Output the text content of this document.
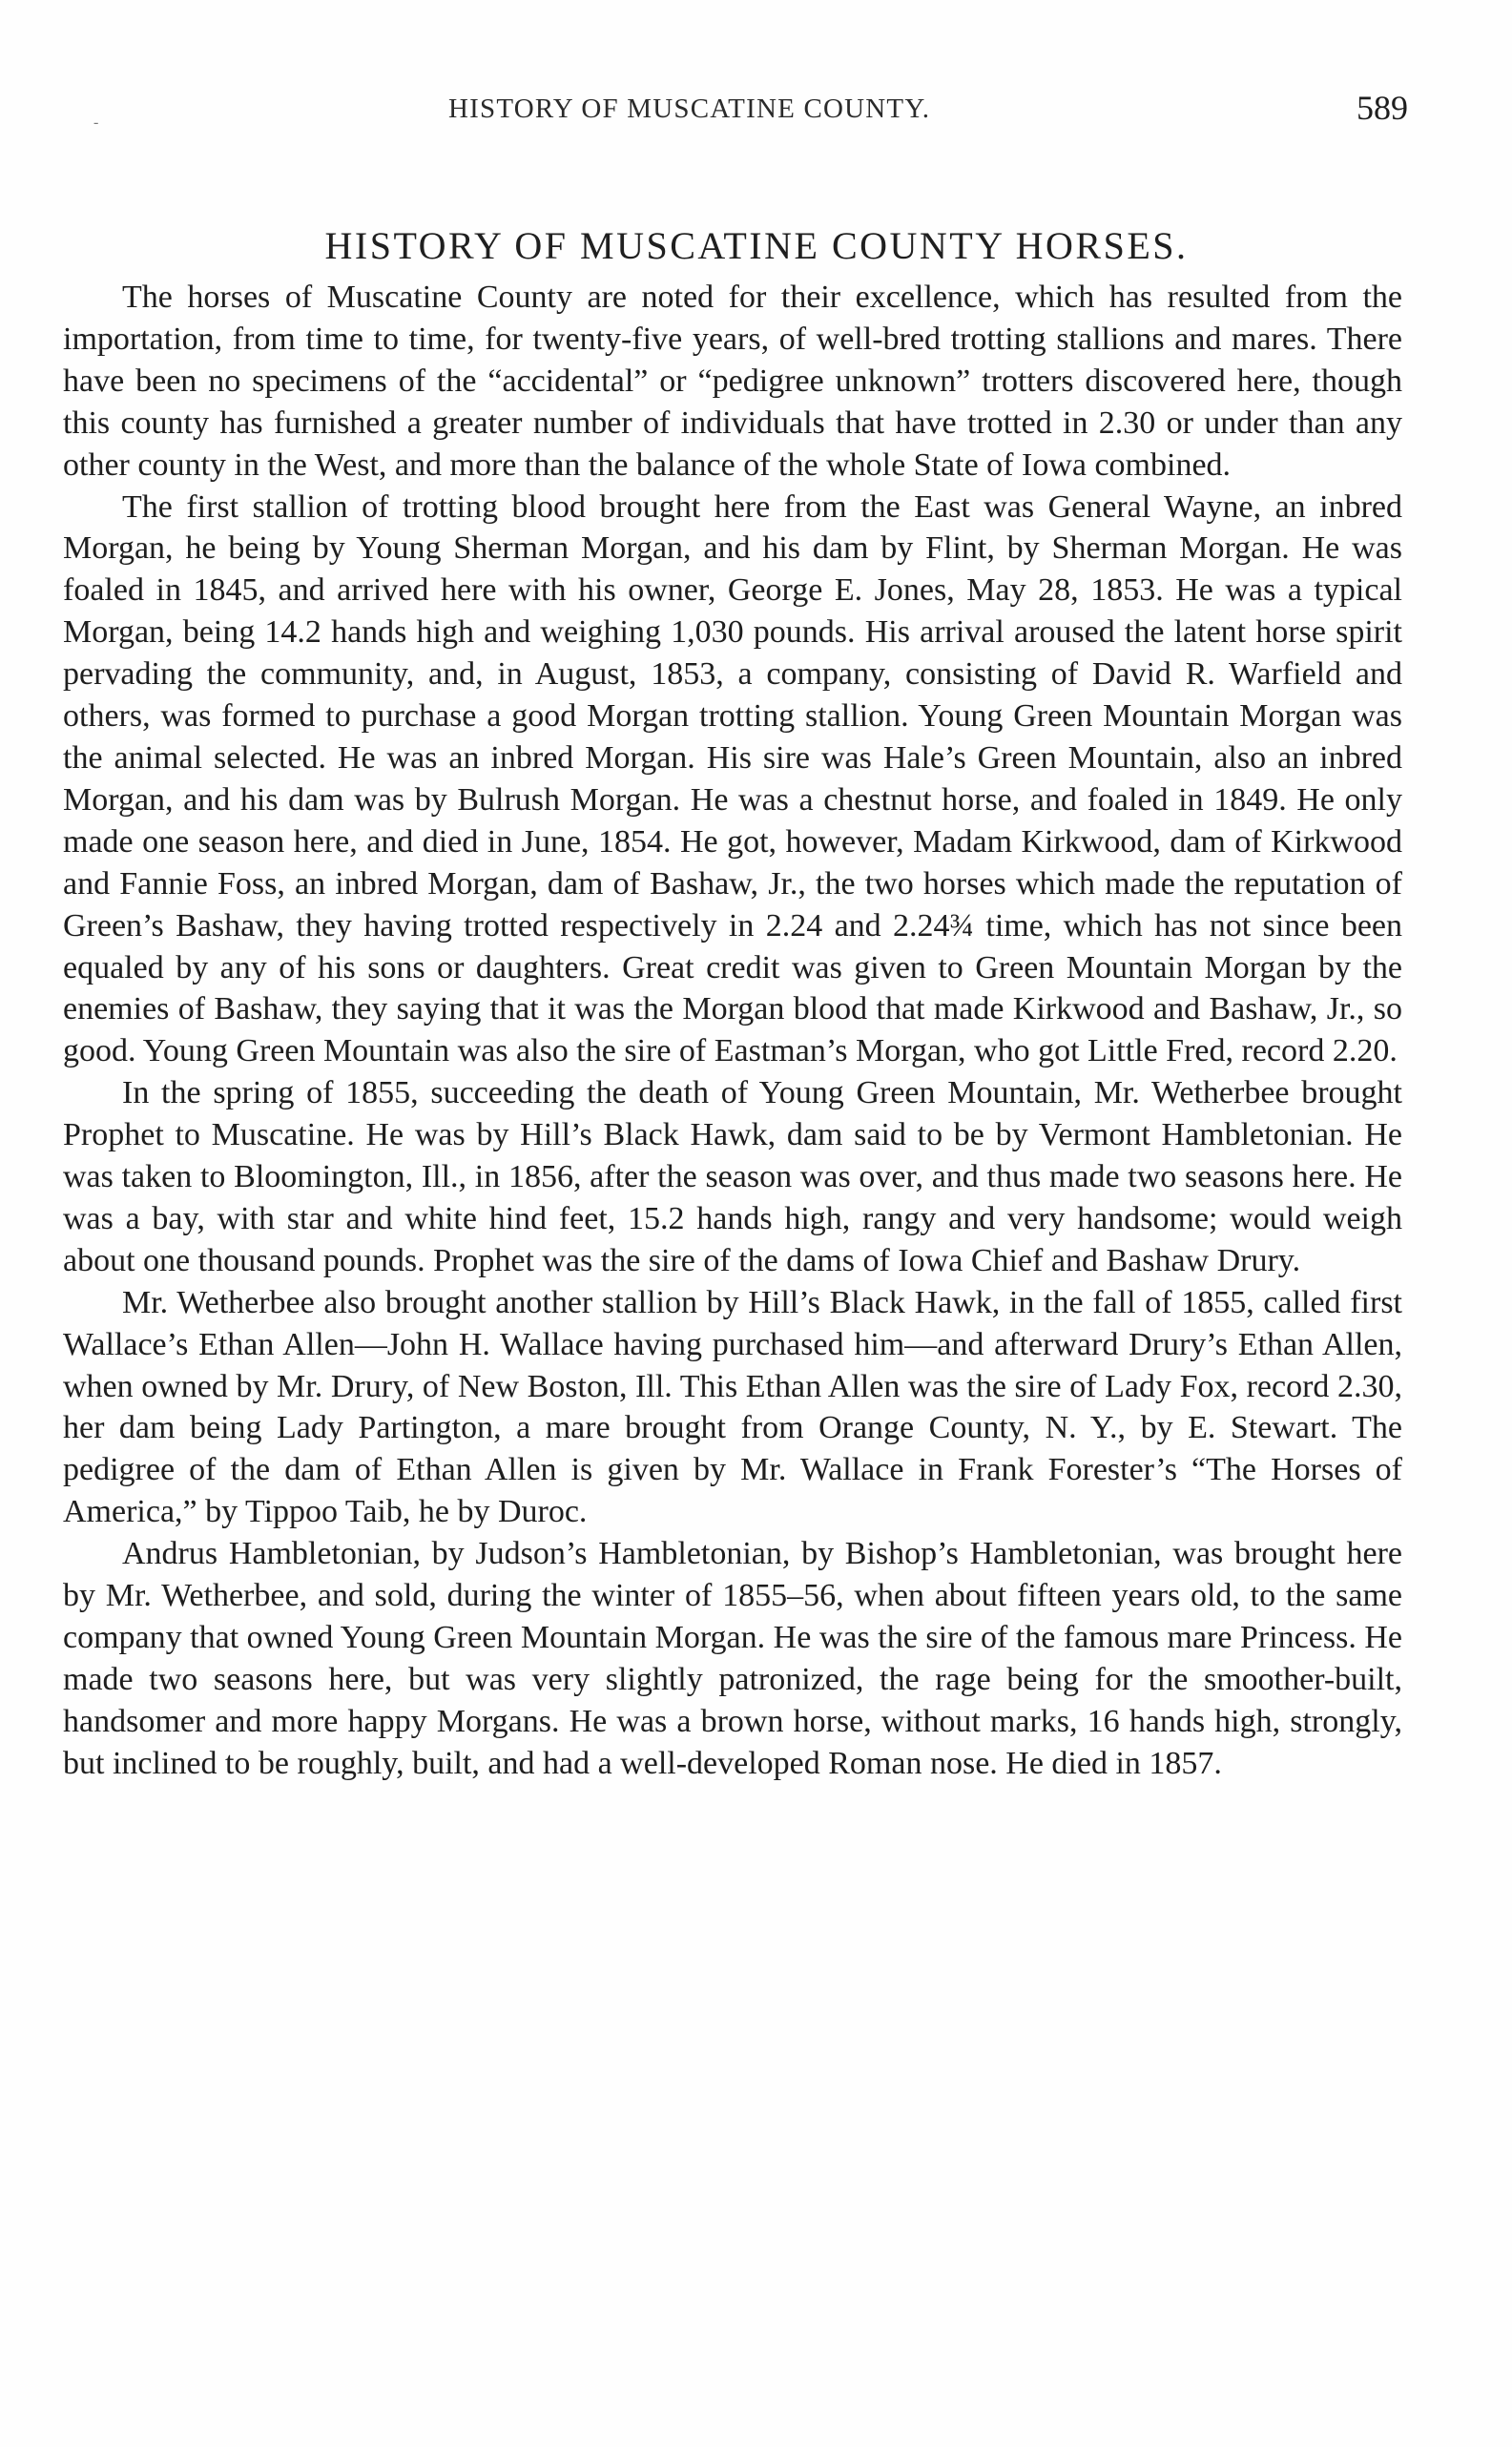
HISTORY OF MUSCATINE COUNTY.	589
-
HISTORY OF MUSCATINE COUNTY HORSES.

The horses of Muscatine County are noted for their excellence, which has resulted from the importation, from time to time, for twenty-five years, of well-bred trotting stallions and mares. There have been no specimens of the “accidental” or “pedigree unknown” trotters discovered here, though this county has furnished a greater number of individuals that have trotted in 2.30 or under than any other county in the West, and more than the balance of the whole State of Iowa combined.

The first stallion of trotting blood brought here from the East was General Wayne, an inbred Morgan, he being by Young Sherman Morgan, and his dam by Flint, by Sherman Morgan. He was foaled in 1845, and arrived here with his owner, George E. Jones, May 28, 1853. He was a typical Morgan, being 14.2 hands high and weighing 1,030 pounds. His arrival aroused the latent horse spirit pervading the community, and, in August, 1853, a company, consisting of David R. Warfield and others, was formed to purchase a good Morgan trotting stallion. Young Green Mountain Morgan was the animal selected. He was an inbred Morgan. His sire was Hale’s Green Mountain, also an inbred Morgan, and his dam was by Bulrush Morgan. He was a chestnut horse, and foaled in 1849. He only made one season here, and died in June, 1854. He got, however, Madam Kirkwood, dam of Kirkwood and Fannie Foss, an inbred Morgan, dam of Bashaw, Jr., the two horses which made the reputation of Green’s Bashaw, they having trotted respectively in 2.24 and 2.24¾ time, which has not since been equaled by any of his sons or daughters. Great credit was given to Green Mountain Morgan by the enemies of Bashaw, they saying that it was the Morgan blood that made Kirkwood and Bashaw, Jr., so good. Young Green Mountain was also the sire of Eastman’s Morgan, who got Little Fred, record 2.20.

In the spring of 1855, succeeding the death of Young Green Mountain, Mr. Wetherbee brought Prophet to Muscatine. He was by Hill’s Black Hawk, dam said to be by Vermont Hambletonian. He was taken to Bloomington, Ill., in 1856, after the season was over, and thus made two seasons here. He was a bay, with star and white hind feet, 15.2 hands high, rangy and very handsome; would weigh about one thousand pounds. Prophet was the sire of the dams of Iowa Chief and Bashaw Drury.

Mr. Wetherbee also brought another stallion by Hill’s Black Hawk, in the fall of 1855, called first Wallace’s Ethan Allen—John H. Wallace having purchased him—and afterward Drury’s Ethan Allen, when owned by Mr. Drury, of New Boston, Ill. This Ethan Allen was the sire of Lady Fox, record 2.30, her dam being Lady Partington, a mare brought from Orange County, N. Y., by E. Stewart. The pedigree of the dam of Ethan Allen is given by Mr. Wallace in Frank Forester’s “The Horses of America,” by Tippoo Taib, he by Duroc.

Andrus Hambletonian, by Judson’s Hambletonian, by Bishop’s Hambletonian, was brought here by Mr. Wetherbee, and sold, during the winter of 1855–56, when about fifteen years old, to the same company that owned Young Green Mountain Morgan. He was the sire of the famous mare Princess. He made two seasons here, but was very slightly patronized, the rage being for the smoother-built, handsomer and more happy Morgans. He was a brown horse, without marks, 16 hands high, strongly, but inclined to be roughly, built, and had a well-developed Roman nose. He died in 1857.
